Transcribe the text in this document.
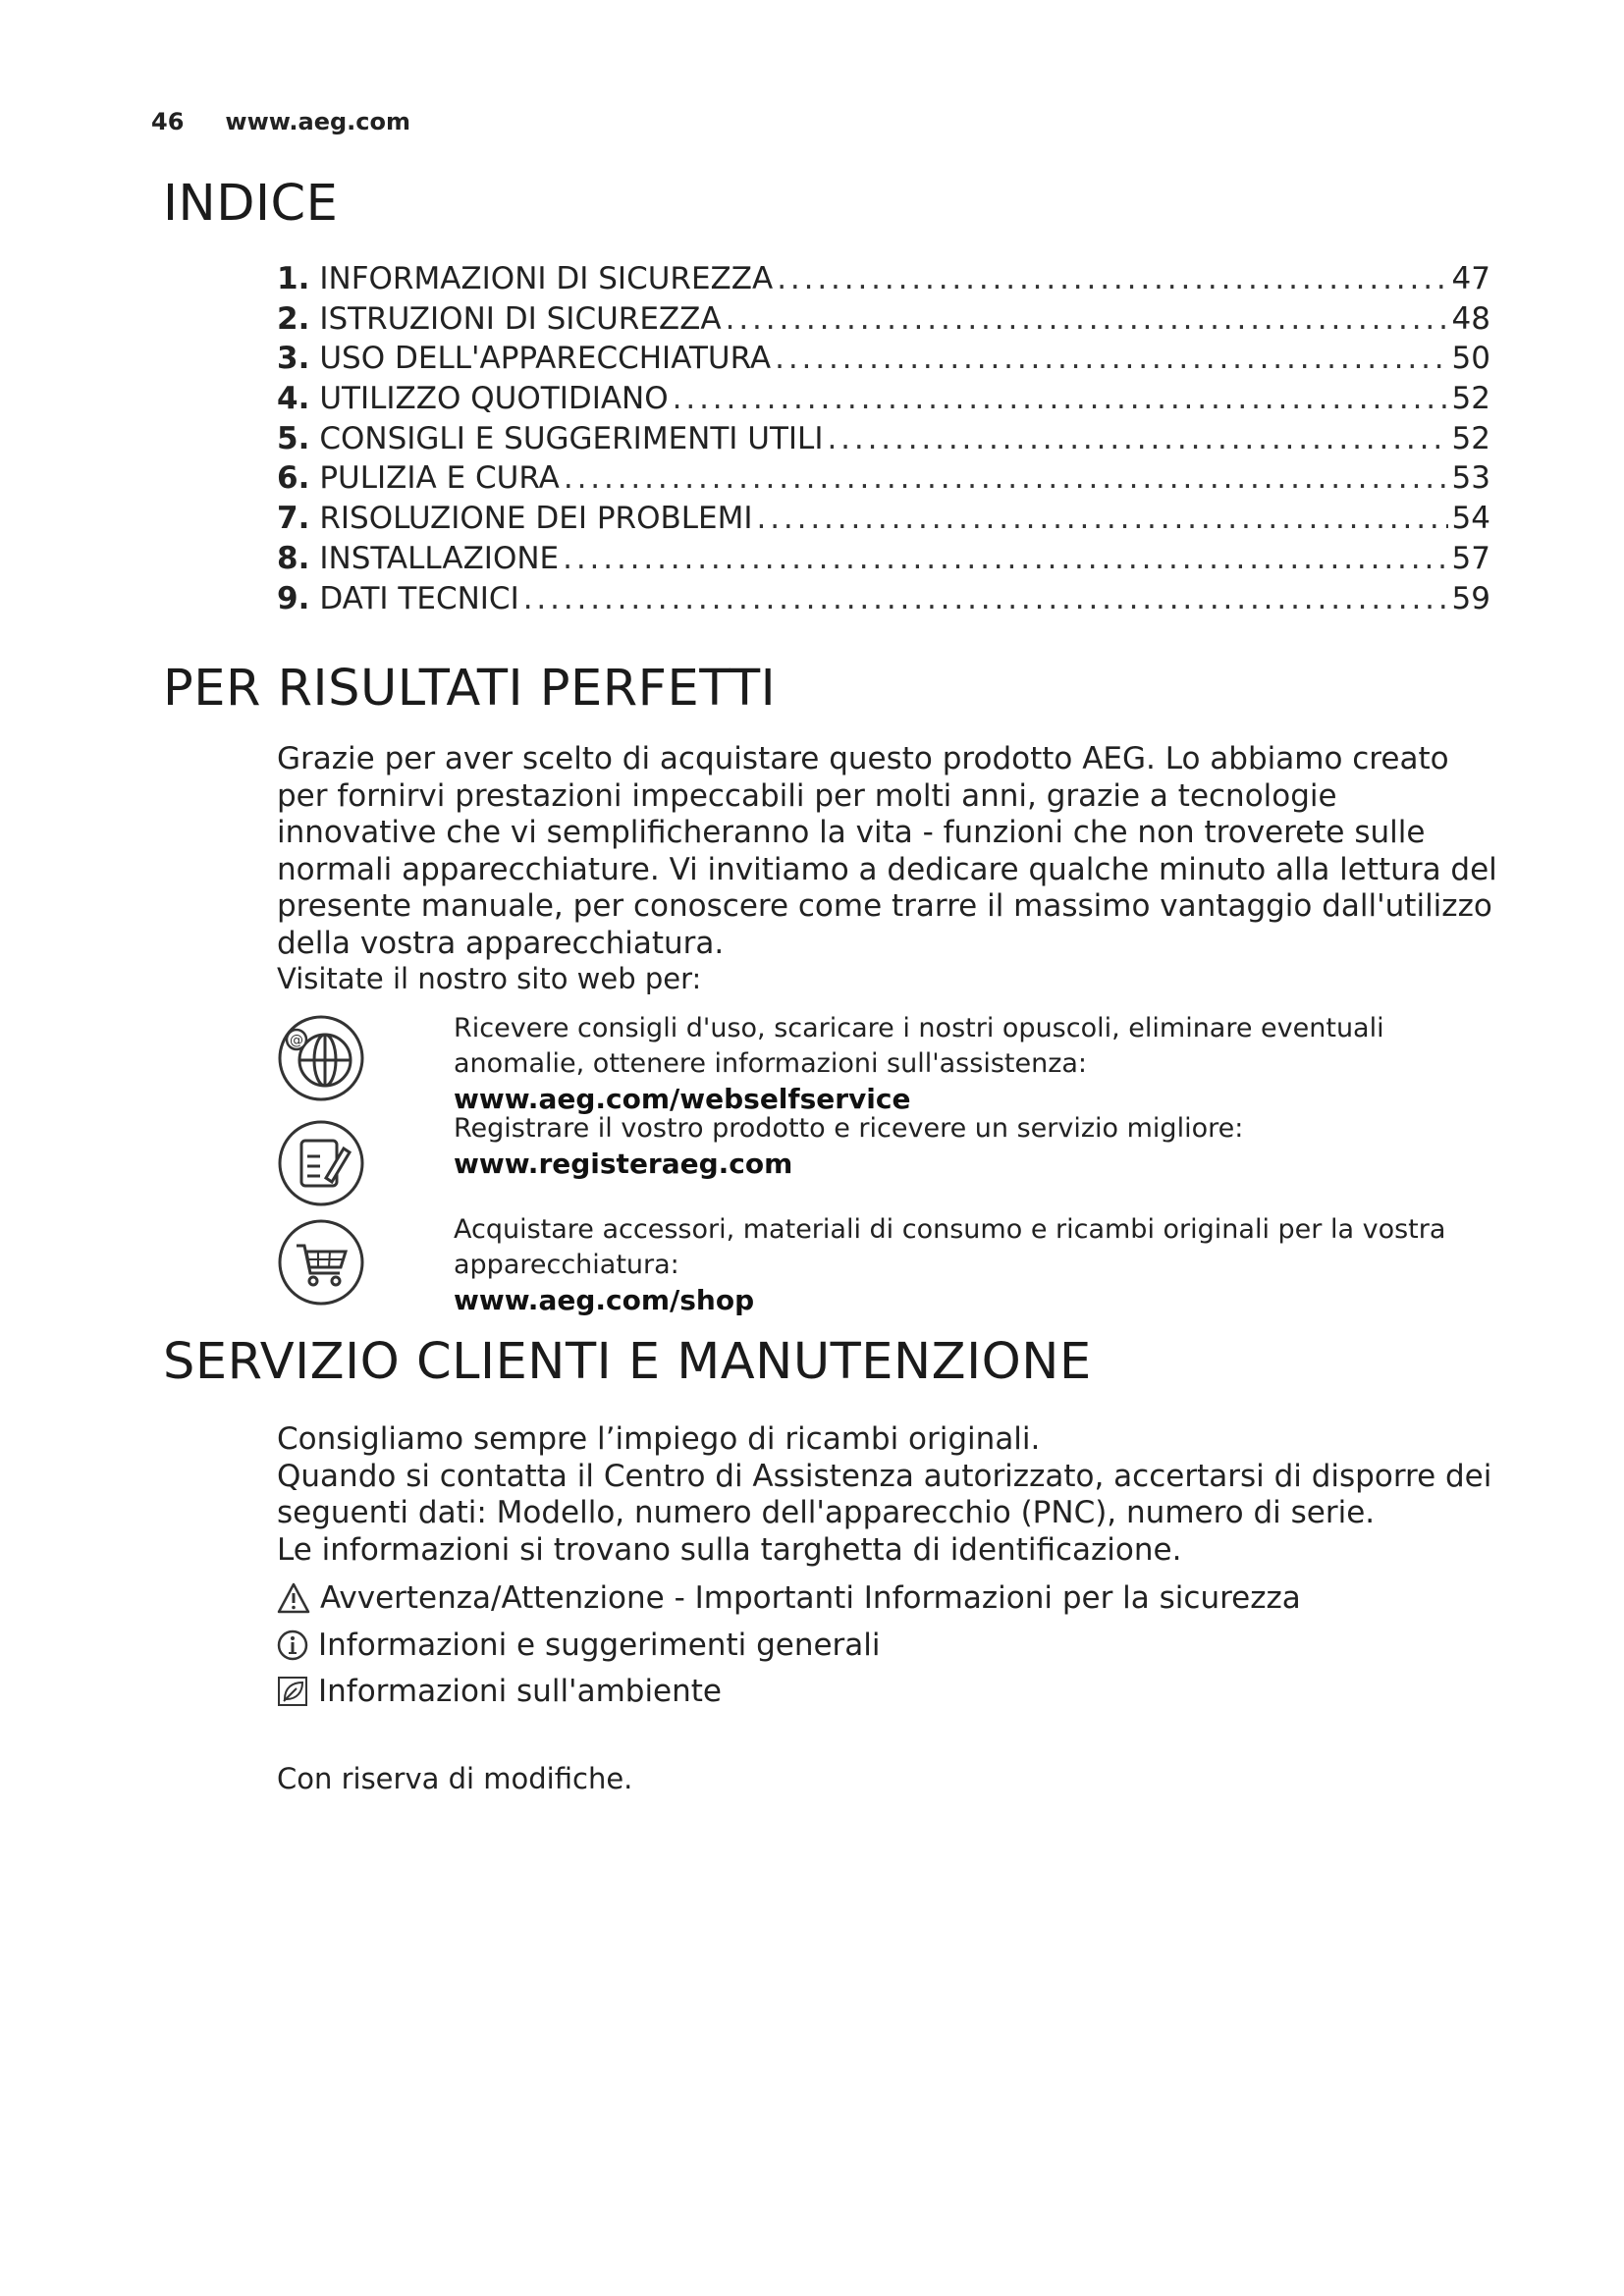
46 www.aeg.com
INDICE
1. INFORMAZIONI DI SICUREZZA . . .	47
2. ISTRUZIONI DI SICUREZZA . . .	48
3. USO DELL'APPARECCHIATURA . . .	50
4. UTILIZZO QUOTIDIANO . . .	52
5. CONSIGLI E SUGGERIMENTI UTILI . . .	52
6. PULIZIA E CURA . . .	53
7. RISOLUZIONE DEI PROBLEMI . . .	54
8. INSTALLAZIONE . . .	57
9. DATI TECNICI . . .	59
PER RISULTATI PERFETTI

Grazie per aver scelto di acquistare questo prodotto AEG. Lo abbiamo creato per fornirvi prestazioni impeccabili per molti anni, grazie a tecnologie innovative che vi semplificheranno la vita - funzioni che non troverete sulle normali apparecchiature. Vi invitiamo a dedicare qualche minuto alla lettura del presente manuale, per conoscere come trarre il massimo vantaggio dall'utilizzo della vostra apparecchiatura.

Visitate il nostro sito web per:

@	Ricevere consigli d'uso, scaricare i nostri opuscoli, eliminare eventuali anomalie, ottenere informazioni sull'assistenza:
www.aeg.com/webselfservice
Registrare il vostro prodotto e ricevere un servizio migliore:
www.registeraeg.com
Acquistare accessori, materiali di consumo e ricambi originali per la vostra apparecchiatura:
www.aeg.com/shop
SERVIZIO CLIENTI E MANUTENZIONE
Consigliamo sempre l’impiego di ricambi originali.
Quando si contatta il Centro di Assistenza autorizzato, accertarsi di disporre dei seguenti dati: Modello, numero dell'apparecchio (PNC), numero di serie.
Le informazioni si trovano sulla targhetta di identificazione.
Avvertenza/Attenzione - Importanti Informazioni per la sicurezza
Informazioni e suggerimenti generali
Informazioni sull'ambiente

Con riserva di modifiche.
